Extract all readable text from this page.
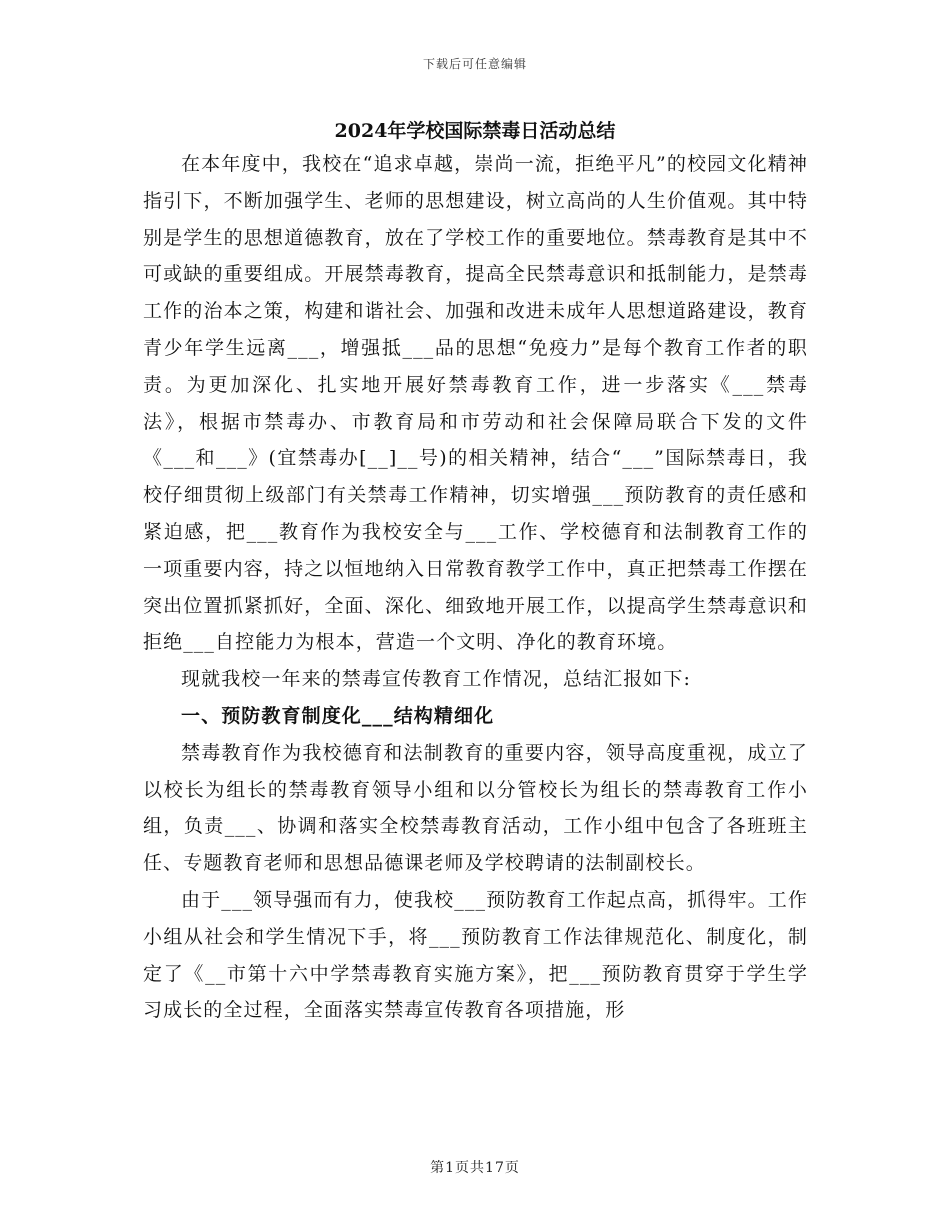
下载后可任意编辑
2024年学校国际禁毒日活动总结

在本年度中，我校在“追求卓越，崇尚一流，拒绝平凡”的校园文化精神指引下，不断加强学生、老师的思想建设，树立高尚的人生价值观。其中特别是学生的思想道德教育，放在了学校工作的重要地位。禁毒教育是其中不可或缺的重要组成。开展禁毒教育，提高全民禁毒意识和抵制能力，是禁毒工作的治本之策，构建和谐社会、加强和改进未成年人思想道路建设，教育青少年学生远离___，增强抵___品的思想“免疫力”是每个教育工作者的职责。为更加深化、扎实地开展好禁毒教育工作，进一步落实《___禁毒法》，根据市禁毒办、市教育局和市劳动和社会保障局联合下发的文件《___和___》(宜禁毒办[__]__号)的相关精神，结合“___”国际禁毒日，我校仔细贯彻上级部门有关禁毒工作精神，切实增强___预防教育的责任感和紧迫感，把___教育作为我校安全与___工作、学校德育和法制教育工作的一项重要内容，持之以恒地纳入日常教育教学工作中，真正把禁毒工作摆在突出位置抓紧抓好，全面、深化、细致地开展工作，以提高学生禁毒意识和拒绝___自控能力为根本，营造一个文明、净化的教育环境。

现就我校一年来的禁毒宣传教育工作情况，总结汇报如下:

一、预防教育制度化___结构精细化

禁毒教育作为我校德育和法制教育的重要内容，领导高度重视，成立了以校长为组长的禁毒教育领导小组和以分管校长为组长的禁毒教育工作小组，负责___、协调和落实全校禁毒教育活动，工作小组中包含了各班班主任、专题教育老师和思想品德课老师及学校聘请的法制副校长。

由于___领导强而有力，使我校___预防教育工作起点高，抓得牢。工作小组从社会和学生情况下手，将___预防教育工作法律规范化、制度化，制定了《__市第十六中学禁毒教育实施方案》，把___预防教育贯穿于学生学习成长的全过程，全面落实禁毒宣传教育各项措施，形

第1页共17页
